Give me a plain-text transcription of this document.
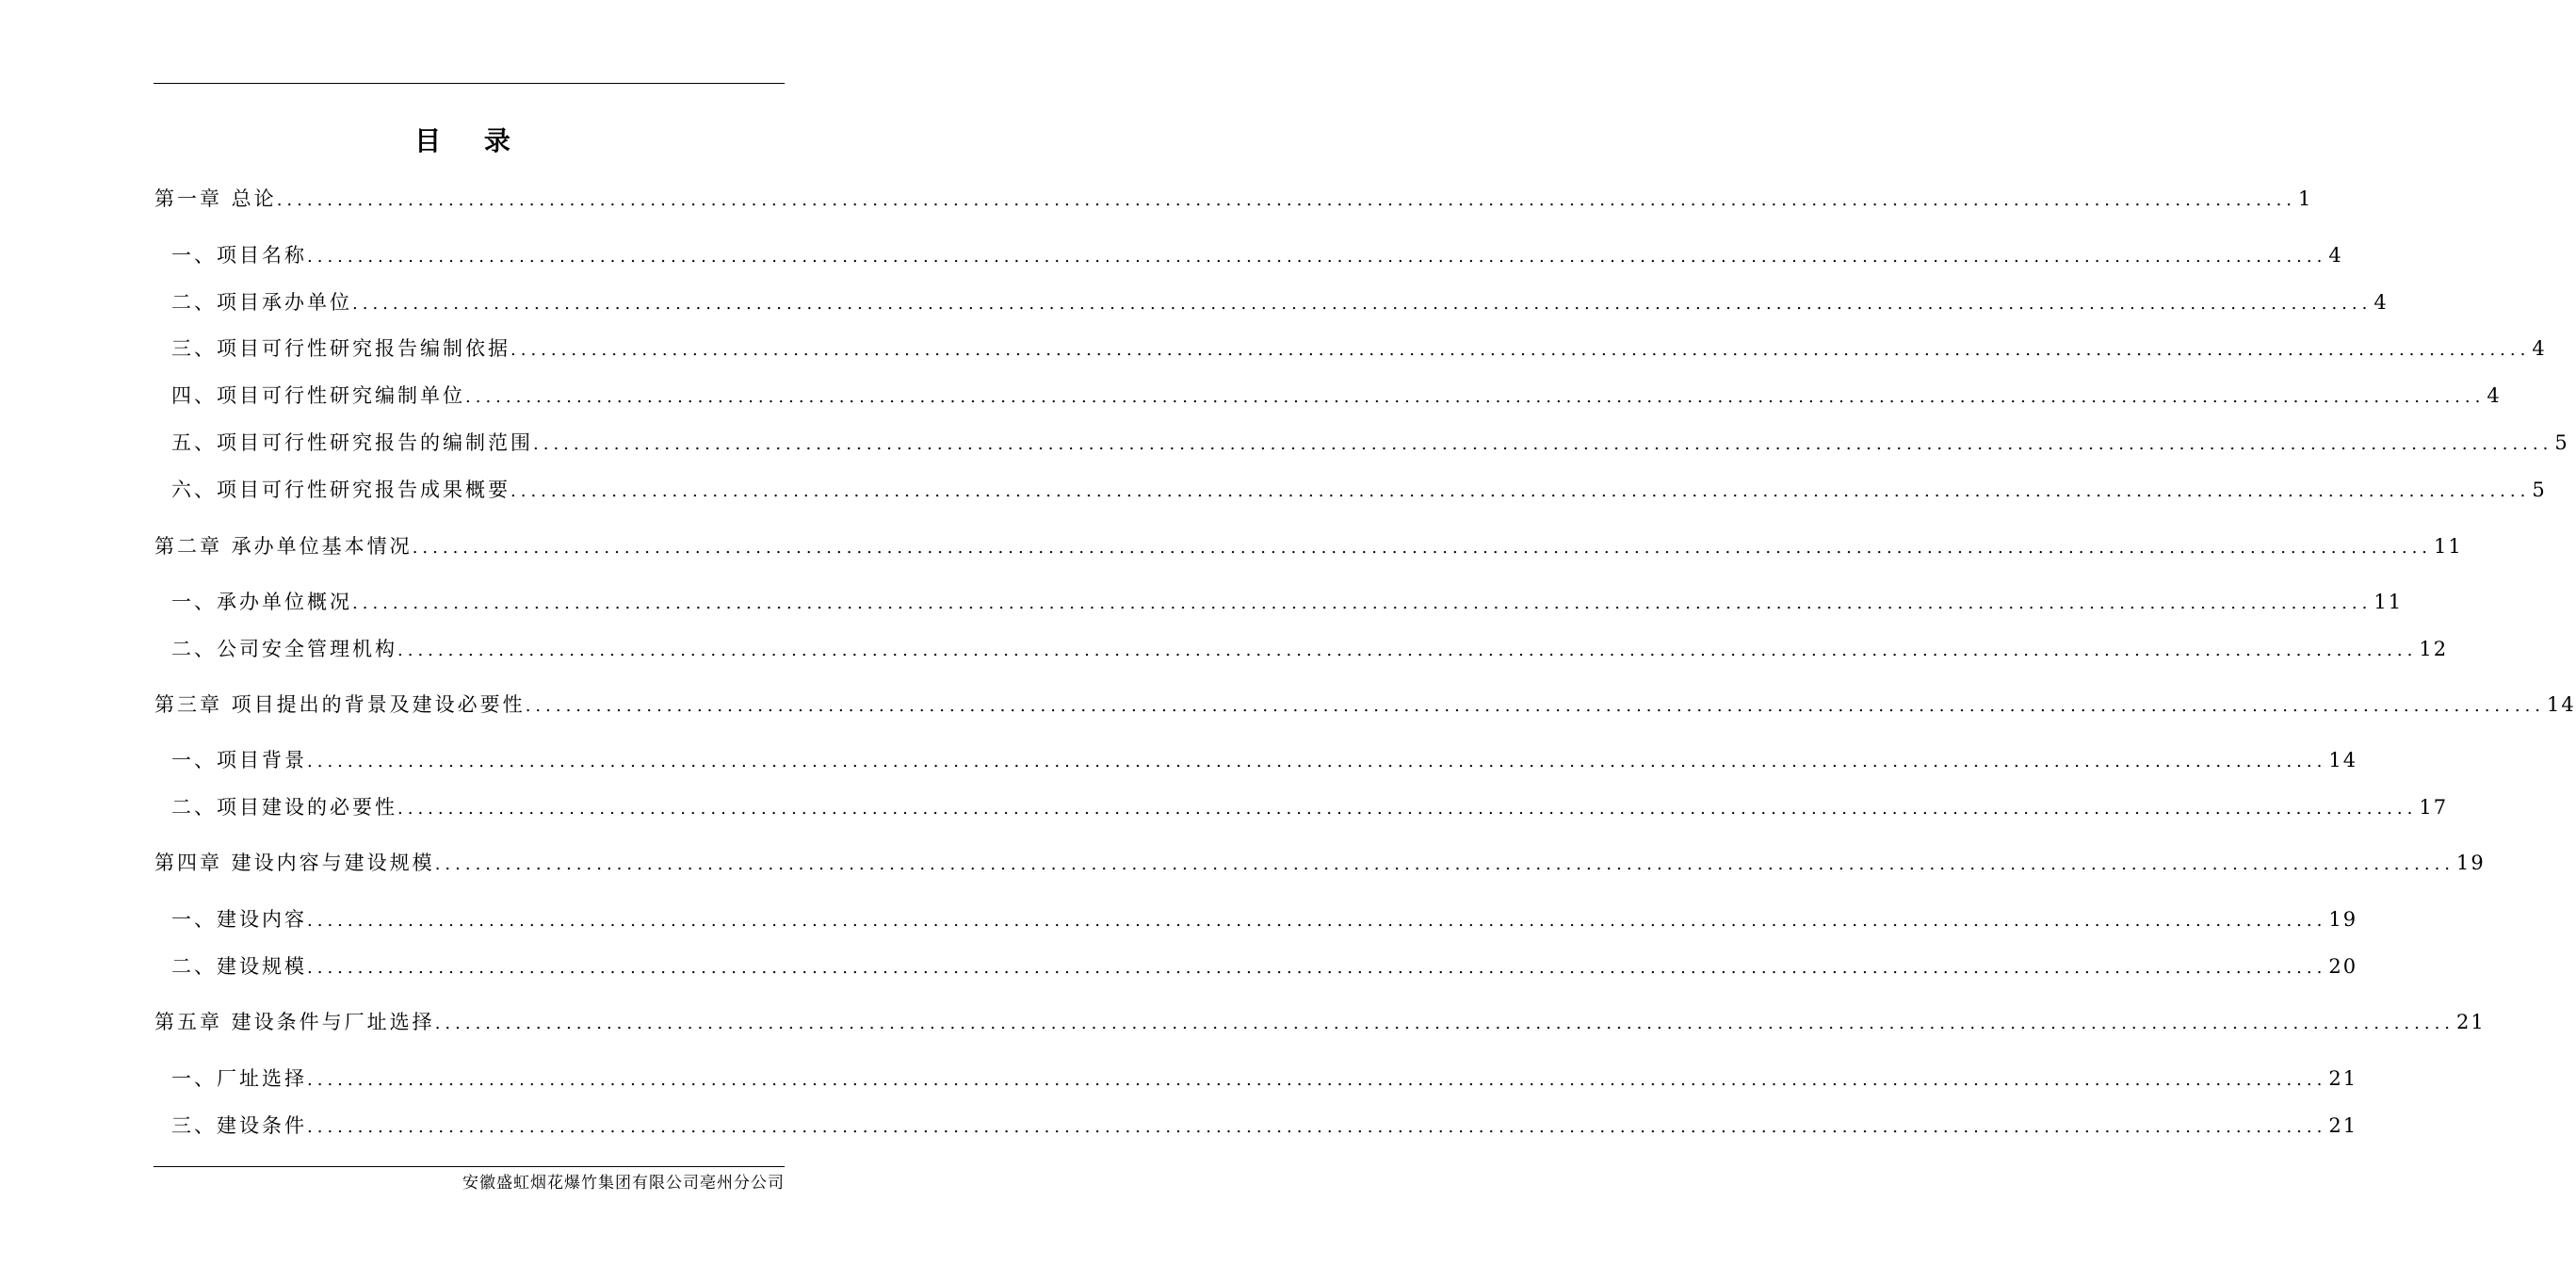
目 录
第一章 总论 ........................................................................................................................................................................................................ 1
一、项目名称 ........................................................................................................................................................................................................ 4
二、项目承办单位 ........................................................................................................................................................................................................ 4
三、项目可行性研究报告编制依据 ........................................................................................................................................................................................................ 4
四、项目可行性研究编制单位 ........................................................................................................................................................................................................ 4
五、项目可行性研究报告的编制范围 ........................................................................................................................................................................................................ 5
六、项目可行性研究报告成果概要 ........................................................................................................................................................................................................ 5
第二章 承办单位基本情况 ........................................................................................................................................................................................................ 11
一、承办单位概况 ........................................................................................................................................................................................................ 11
二、公司安全管理机构 ........................................................................................................................................................................................................ 12
第三章 项目提出的背景及建设必要性 ........................................................................................................................................................................................................ 14
一、项目背景 ........................................................................................................................................................................................................ 14
二、项目建设的必要性 ........................................................................................................................................................................................................ 17
第四章 建设内容与建设规模 ........................................................................................................................................................................................................ 19
一、建设内容 ........................................................................................................................................................................................................ 19
二、建设规模 ........................................................................................................................................................................................................ 20
第五章 建设条件与厂址选择 ........................................................................................................................................................................................................ 21
一、厂址选择 ........................................................................................................................................................................................................ 21
三、建设条件 ........................................................................................................................................................................................................ 21
安徽盛虹烟花爆竹集团有限公司亳州分公司
